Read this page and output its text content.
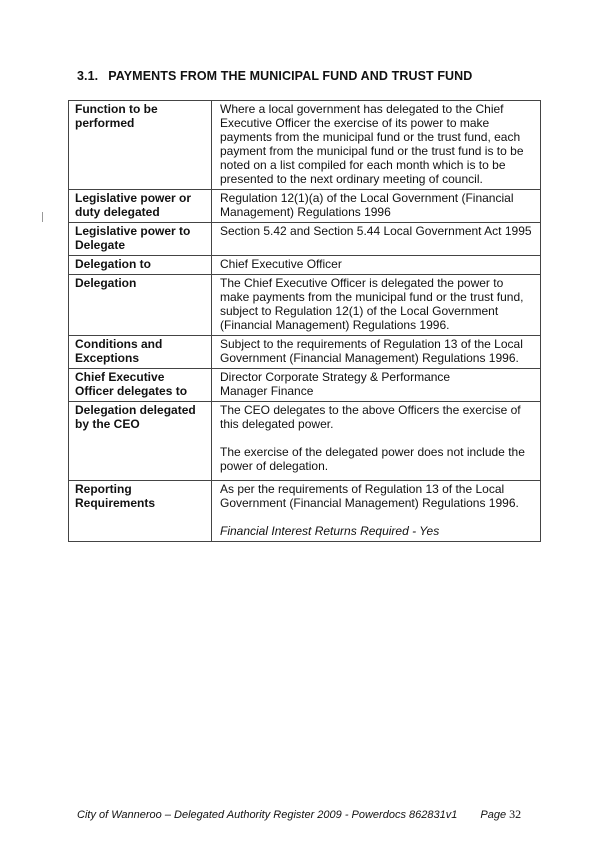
3.1. PAYMENTS FROM THE MUNICIPAL FUND AND TRUST FUND
Function to be performed	Where a local government has delegated to the Chief Executive Officer the exercise of its power to make payments from the municipal fund or the trust fund, each payment from the municipal fund or the trust fund is to be noted on a list compiled for each month which is to be presented to the next ordinary meeting of council.

Legislative power or duty delegated	Regulation 12(1)(a) of the Local Government (Financial Management) Regulations 1996

Legislative power to Delegate	Section 5.42 and Section 5.44 Local Government Act 1995

Delegation to	Chief Executive Officer

Delegation	The Chief Executive Officer is delegated the power to make payments from the municipal fund or the trust fund, subject to Regulation 12(1) of the Local Government (Financial Management) Regulations 1996.

Conditions and Exceptions	Subject to the requirements of Regulation 13 of the Local Government (Financial Management) Regulations 1996.

Chief Executive Officer delegates to	Director Corporate Strategy & Performance
Manager Finance

Delegation delegated by the CEO	The CEO delegates to the above Officers the exercise of this delegated power.
The exercise of the delegated power does not include the power of delegation.

Reporting Requirements	As per the requirements of Regulation 13 of the Local Government (Financial Management) Regulations 1996.
Financial Interest Returns Required - Yes
City of Wanneroo – Delegated Authority Register 2009 - Powerdocs 862831v1 Page 32
